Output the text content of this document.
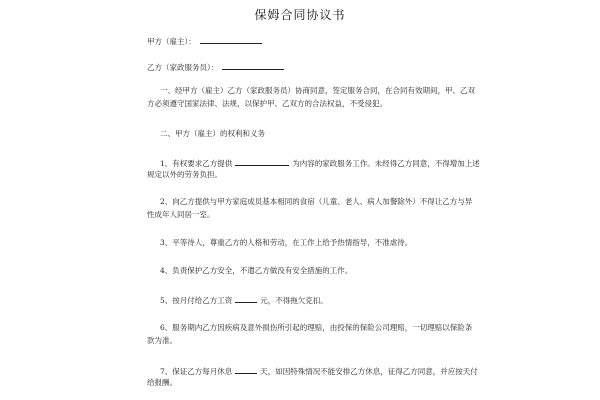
保姆合同协议书
甲方（雇主）：
乙方（家政服务员）：
一、经甲方（雇主）乙方（家政服务员）协商同意，签定服务合同，在合同有效期间，甲、乙双
方必须遵守国家法律、法规，以保护甲、乙双方的合法权益，不受侵犯。
二、甲方（雇主）的权利和义务
1、有权要求乙方提供	为内容的家政服务工作。未经得乙方同意，不得增加上述
规定以外的劳务负担。
2、向乙方提供与甲方家庭成员基本相同的食宿（儿童、老人、病人加餐除外）不得让乙方与异
性成年人同居一室。
3、平等待人，尊重乙方的人格和劳动，在工作上给予热情指导，不准虐待。
4、负责保护乙方安全，不遣乙方做没有安全措施的工作。
5、按月付给乙方工资	元，不得拖欠克扣。
6、服务期内乙方因疾病及意外损伤所引起的理赔，由投保的保险公司理赔，一切理赔以保险条
款为准。
7、保证乙方每月休息	天，如因特殊情况不能安排乙方休息，征得乙方同意，并应按天付
给报酬。
